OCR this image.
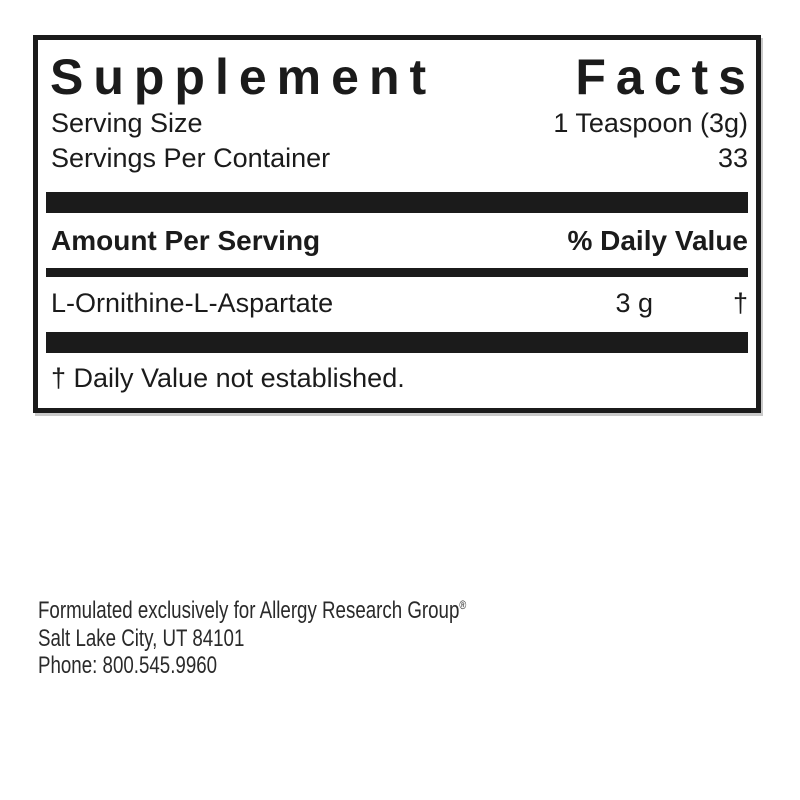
Supplement	Facts
Serving Size	1 Teaspoon (3g)
Servings Per Container	33
Amount Per Serving	% Daily Value
L-Ornithine-L-Aspartate	3 g	†
† Daily Value not established.
Formulated exclusively for Allergy Research Group®
Salt Lake City, UT 84101
Phone: 800.545.9960
